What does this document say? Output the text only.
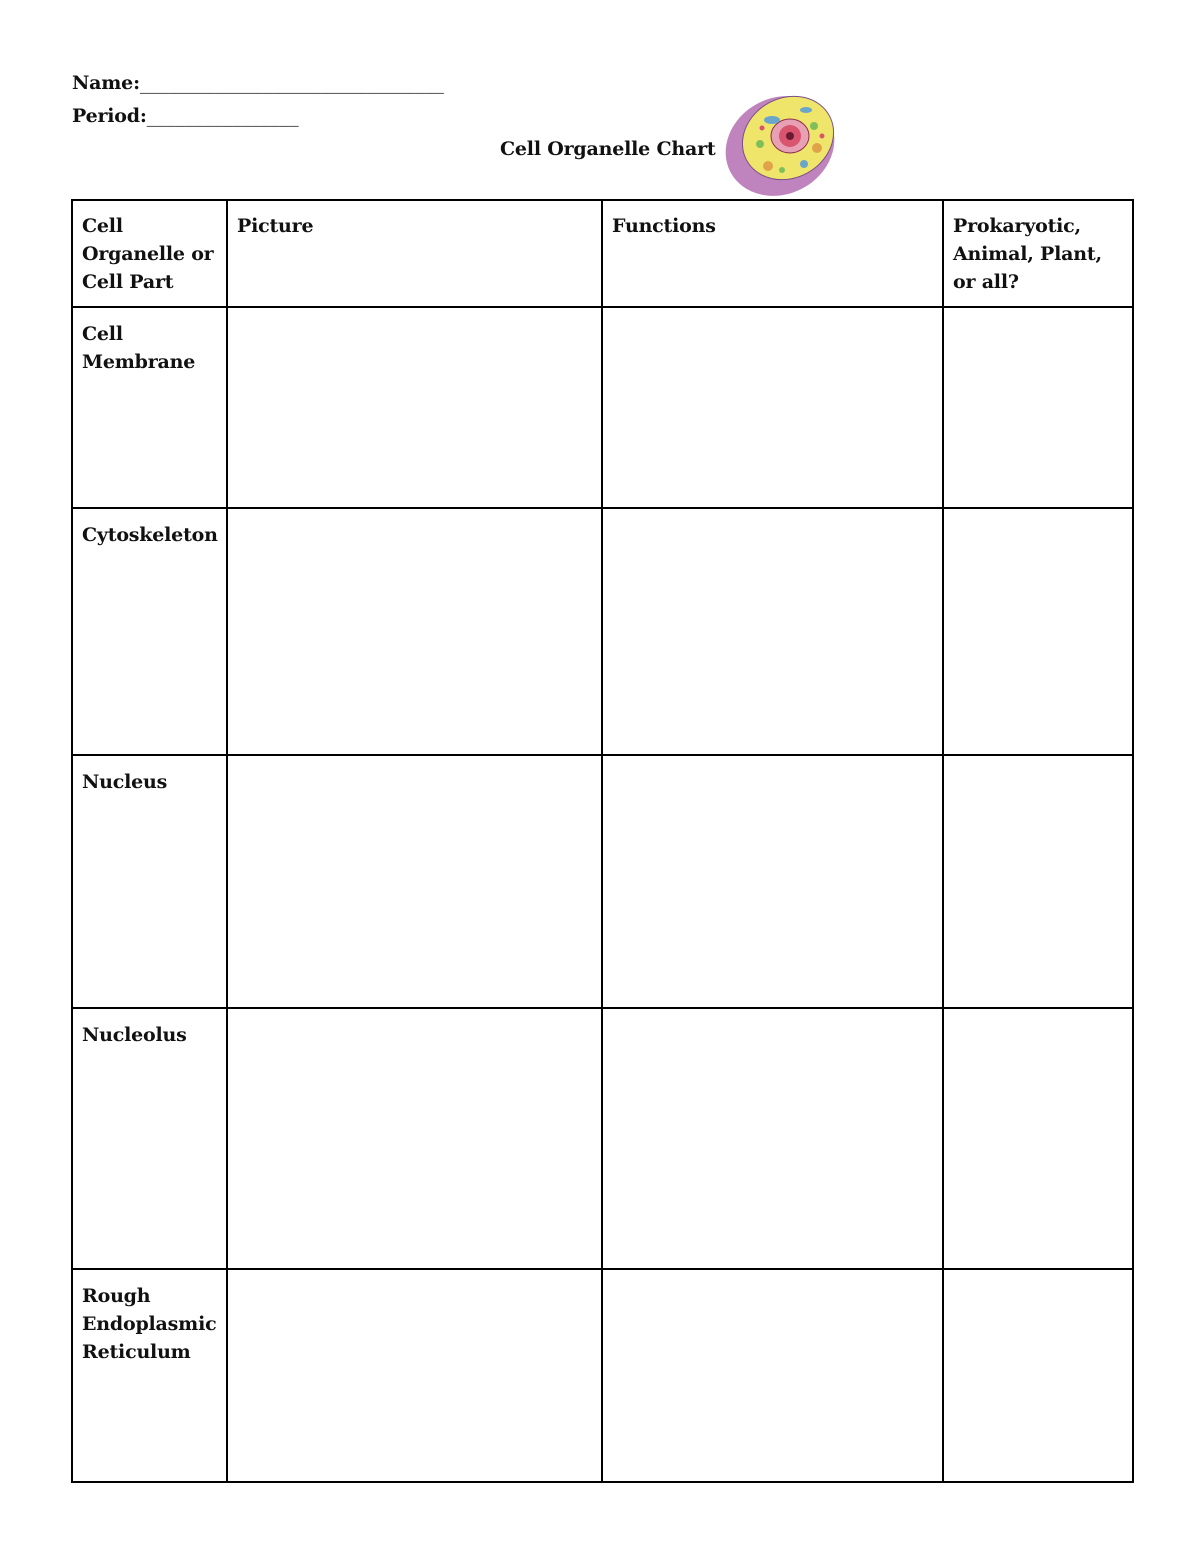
Name:________________________________
Period:________________
Cell Organelle Chart
Cell Organelle or Cell Part	Picture	Functions	Prokaryotic, Animal, Plant, or all?
Cell Membrane			
Cytoskeleton			
Nucleus			
Nucleolus			
Rough Endoplasmic Reticulum			
